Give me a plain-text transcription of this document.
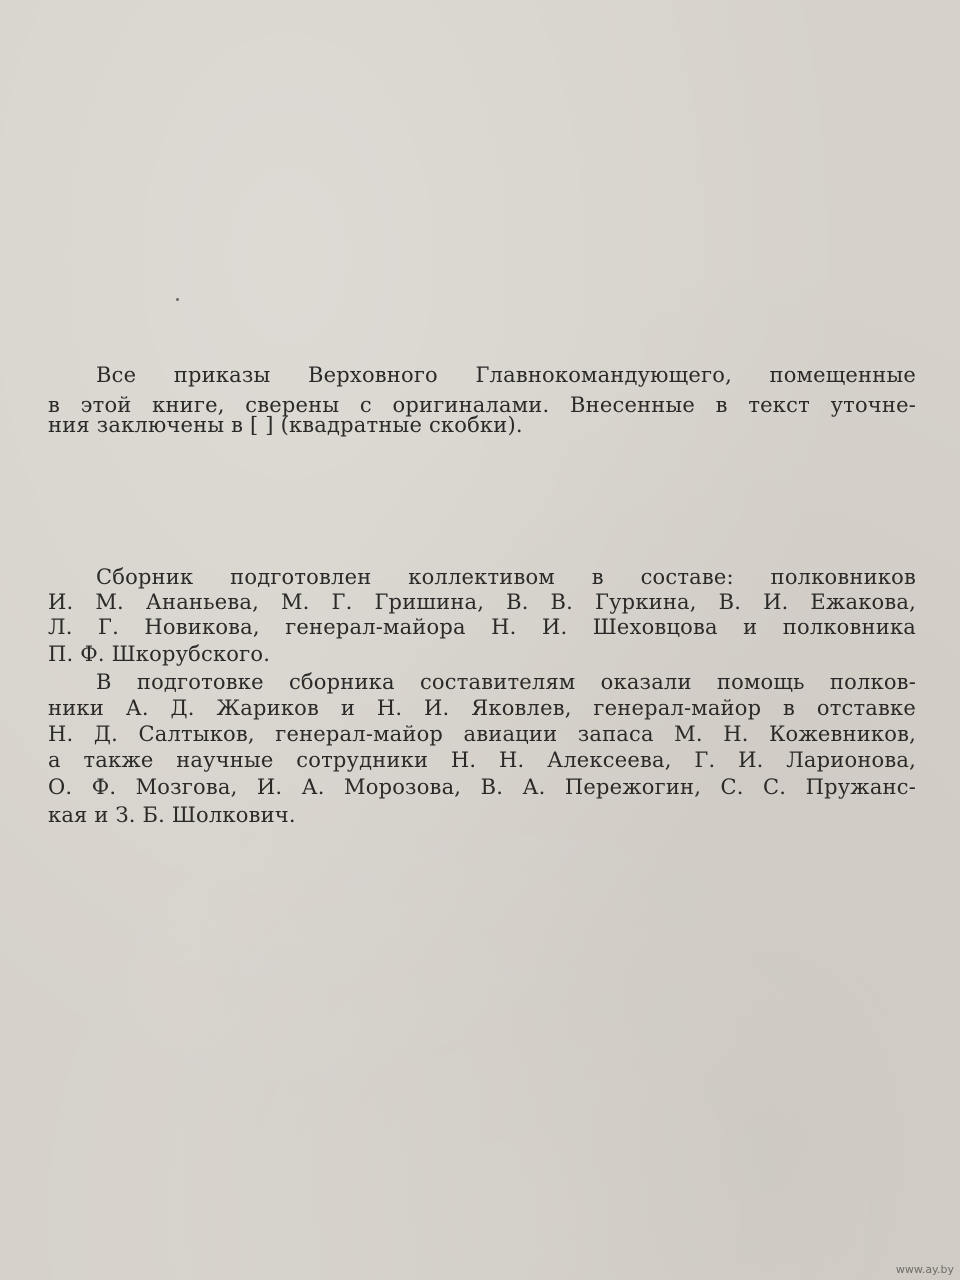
Все приказы Верховного Главнокомандующего, помещенные
в этой книге, сверены с оригиналами. Внесенные в текст уточне-
ния заключены в [ ] (квадратные скобки).
Сборник подготовлен коллективом в составе: полковников
И. М. Ананьева, М. Г. Гришина, В. В. Гуркина, В. И. Ежакова,
Л. Г. Новикова, генерал-майора Н. И. Шеховцова и полковника
П. Ф. Шкорубского.
В подготовке сборника составителям оказали помощь полков-
ники А. Д. Жариков и Н. И. Яковлев, генерал-майор в отставке
Н. Д. Салтыков, генерал-майор авиации запаса М. Н. Кожевников,
а также научные сотрудники Н. Н. Алексеева, Г. И. Ларионова,
О. Ф. Мозгова, И. А. Морозова, В. А. Пережогин, С. С. Пружанс-
кая и З. Б. Шолкович.
www.ay.by
